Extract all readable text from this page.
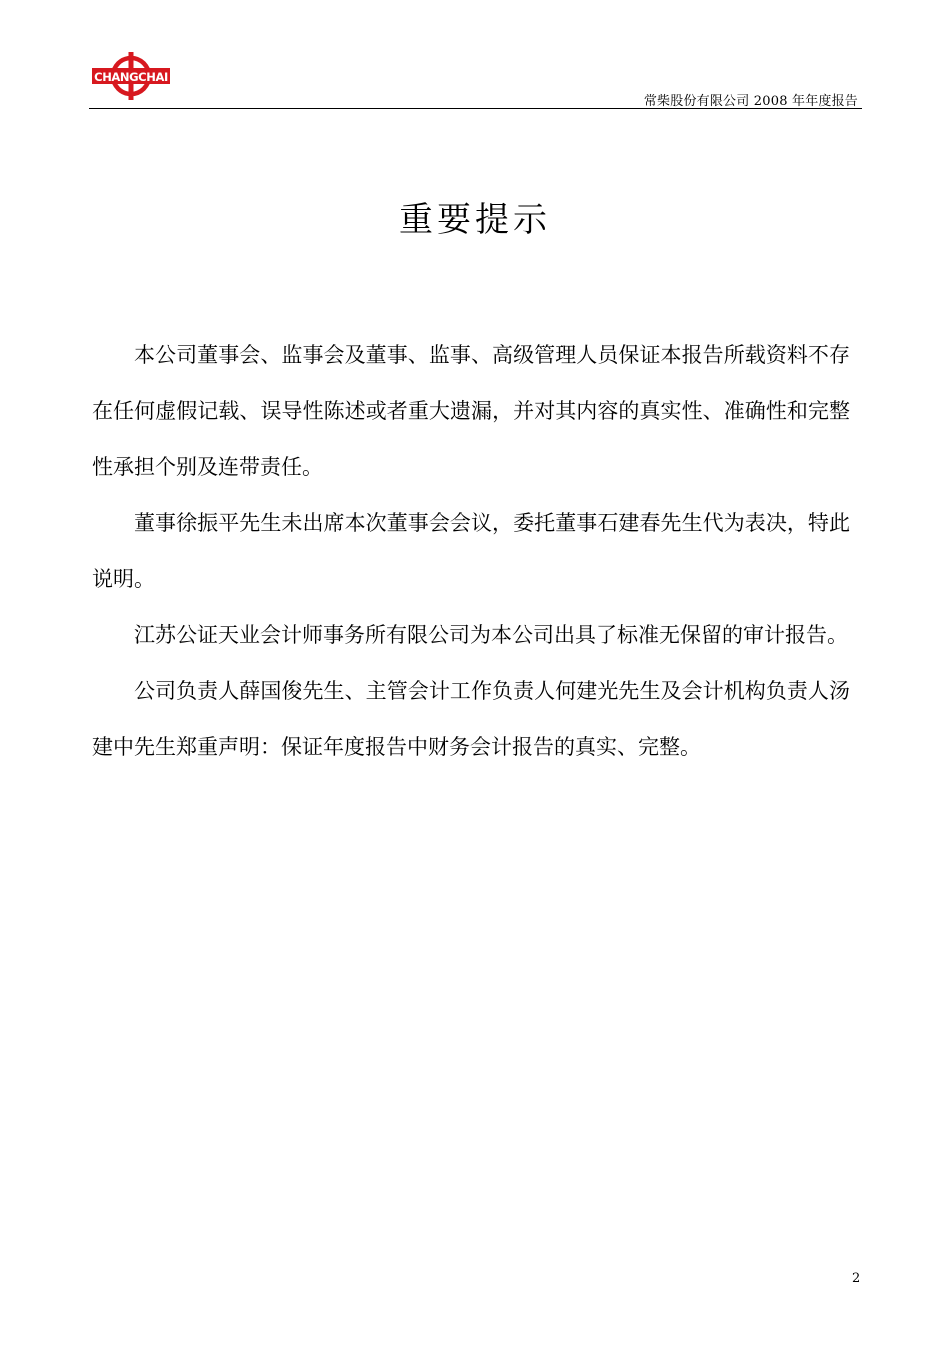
CHANGCHAI
常柴股份有限公司 2008 年年度报告
重要提示

本公司董事会、监事会及董事、监事、高级管理人员保证本报告所载资料不存在任何虚假记载、误导性陈述或者重大遗漏，并对其内容的真实性、准确性和完整性承担个别及连带责任。

董事徐振平先生未出席本次董事会会议，委托董事石建春先生代为表决，特此说明。

江苏公证天业会计师事务所有限公司为本公司出具了标准无保留的审计报告。

公司负责人薛国俊先生、主管会计工作负责人何建光先生及会计机构负责人汤建中先生郑重声明：保证年度报告中财务会计报告的真实、完整。

2
